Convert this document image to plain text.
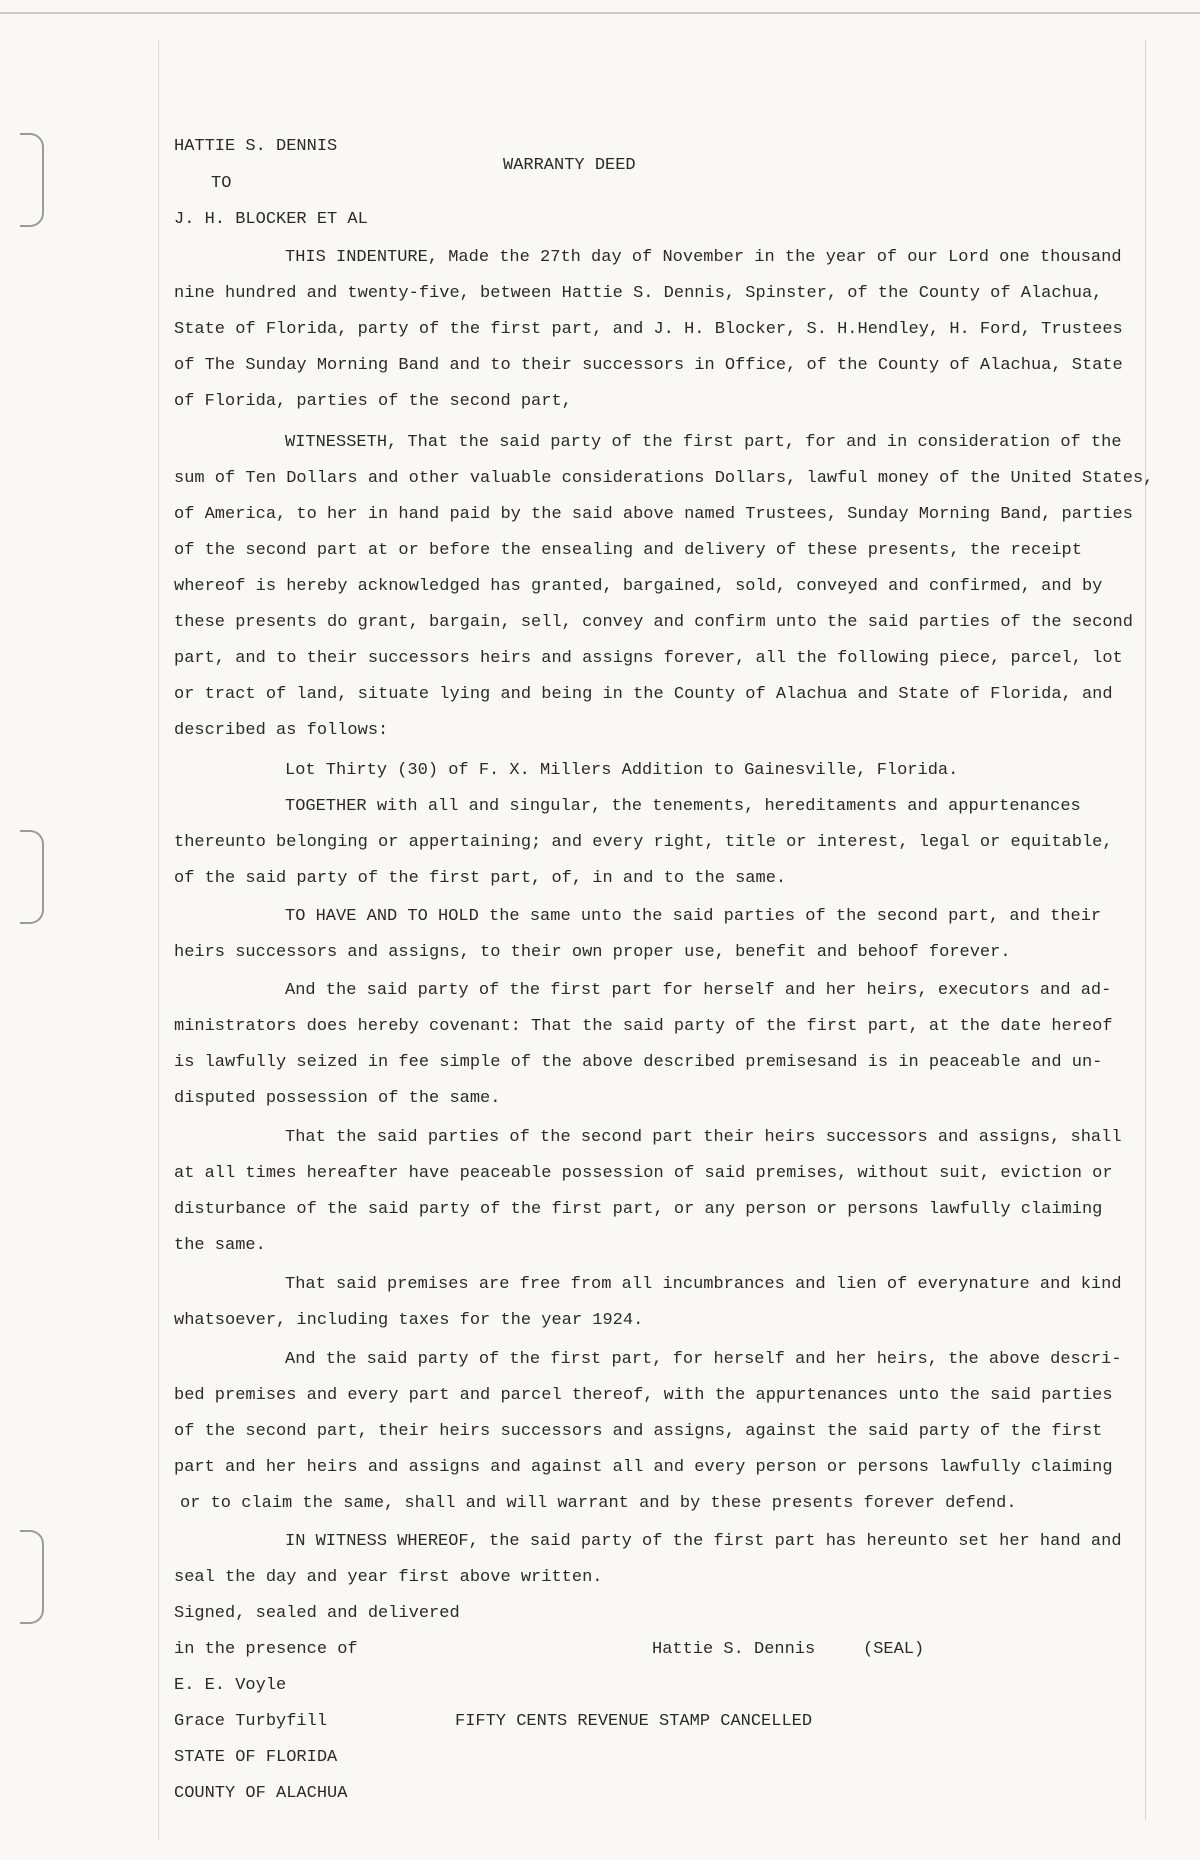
HATTIE S. DENNIS
WARRANTY DEED
TO
J. H. BLOCKER ET AL
THIS INDENTURE, Made the 27th day of November in the year of our Lord one thousand
nine hundred and twenty-five, between Hattie S. Dennis, Spinster, of the County of Alachua,
State of Florida, party of the first part, and J. H. Blocker, S. H.Hendley, H. Ford, Trustees
of The Sunday Morning Band and to their successors in Office, of the County of Alachua, State
of Florida, parties of the second part,
WITNESSETH, That the said party of the first part, for and in consideration of the
sum of Ten Dollars and other valuable considerations Dollars, lawful money of the United States,
of America, to her in hand paid by the said above named Trustees, Sunday Morning Band, parties
of the second part at or before the ensealing and delivery of these presents, the receipt
whereof is hereby acknowledged has granted, bargained, sold, conveyed and confirmed, and by
these presents do grant, bargain, sell, convey and confirm unto the said parties of the second
part, and to their successors heirs and assigns forever, all the following piece, parcel, lot
or tract of land, situate lying and being in the County of Alachua and State of Florida, and
described as follows:
Lot Thirty (30) of F. X. Millers Addition to Gainesville, Florida.
TOGETHER with all and singular, the tenements, hereditaments and appurtenances
thereunto belonging or appertaining; and every right, title or interest, legal or equitable,
of the said party of the first part, of, in and to the same.
TO HAVE AND TO HOLD the same unto the said parties of the second part, and their
heirs successors and assigns, to their own proper use, benefit and behoof forever.
And the said party of the first part for herself and her heirs, executors and ad-
ministrators does hereby covenant: That the said party of the first part, at the date hereof
is lawfully seized in fee simple of the above described premisesand is in peaceable and un-
disputed possession of the same.
That the said parties of the second part their heirs successors and assigns, shall
at all times hereafter have peaceable possession of said premises, without suit, eviction or
disturbance of the said party of the first part, or any person or persons lawfully claiming
the same.
That said premises are free from all incumbrances and lien of everynature and kind
whatsoever, including taxes for the year 1924.
And the said party of the first part, for herself and her heirs, the above descri-
bed premises and every part and parcel thereof, with the appurtenances unto the said parties
of the second part, their heirs successors and assigns, against the said party of the first
part and her heirs and assigns and against all and every person or persons lawfully claiming
or to claim the same, shall and will warrant and by these presents forever defend.
IN WITNESS WHEREOF, the said party of the first part has hereunto set her hand and
seal the day and year first above written.
Signed, sealed and delivered
in the presence of	Hattie S. Dennis	(SEAL)
E. E. Voyle
Grace Turbyfill	FIFTY CENTS REVENUE STAMP CANCELLED
STATE OF FLORIDA
COUNTY OF ALACHUA
